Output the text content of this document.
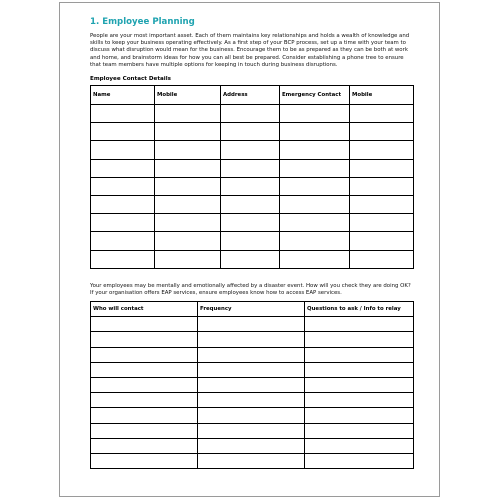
1. Employee Planning

People are your most important asset. Each of them maintains key relationships and holds a wealth of knowledge and skills to keep your business operating effectively. As a first step of your BCP process, set up a time with your team to discuss what disruption would mean for the business. Encourage them to be as prepared as they can be both at work and home, and brainstorm ideas for how you can all best be prepared. Consider establishing a phone tree to ensure that team members have multiple options for keeping in touch during business disruptions.

Employee Contact Details
Name	Mobile	Address	Emergency Contact	Mobile

Your employees may be mentally and emotionally affected by a disaster event. How will you check they are doing OK? If your organisation offers EAP services, ensure employees know how to access EAP services.

Who will contact	Frequency	Questions to ask / Info to relay
